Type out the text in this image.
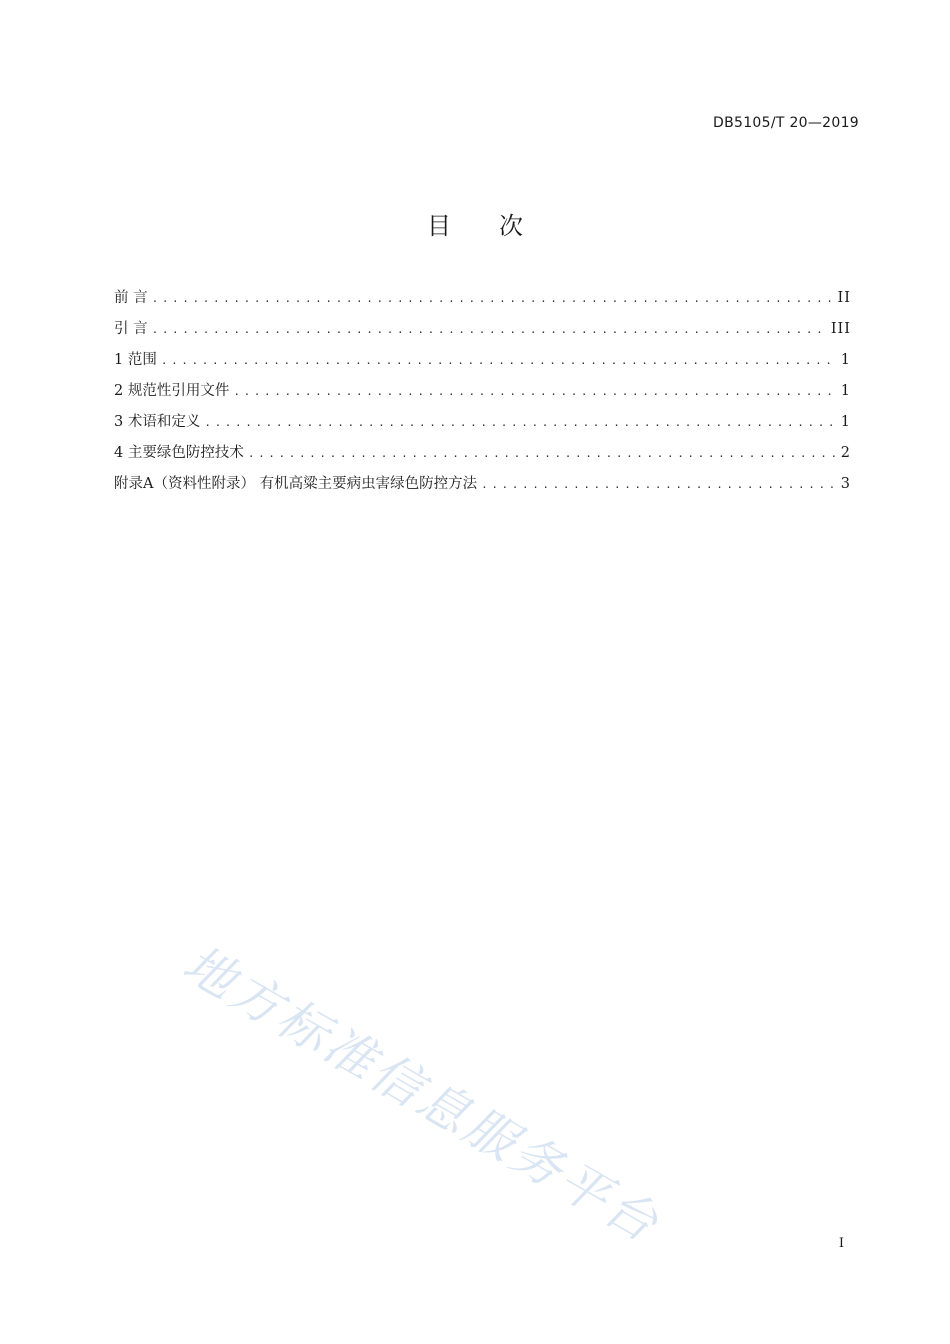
DB5105/T 20—2019
目次
前 言 .....	II
引 言 .....	III
1 范围 .....	1
2 规范性引用文件 .....	1
3 术语和定义 .....	1
4 主要绿色防控技术 .....	2
附录A（资料性附录） 有机高粱主要病虫害绿色防控方法 .....	3
地方标准信息服务平台	I
